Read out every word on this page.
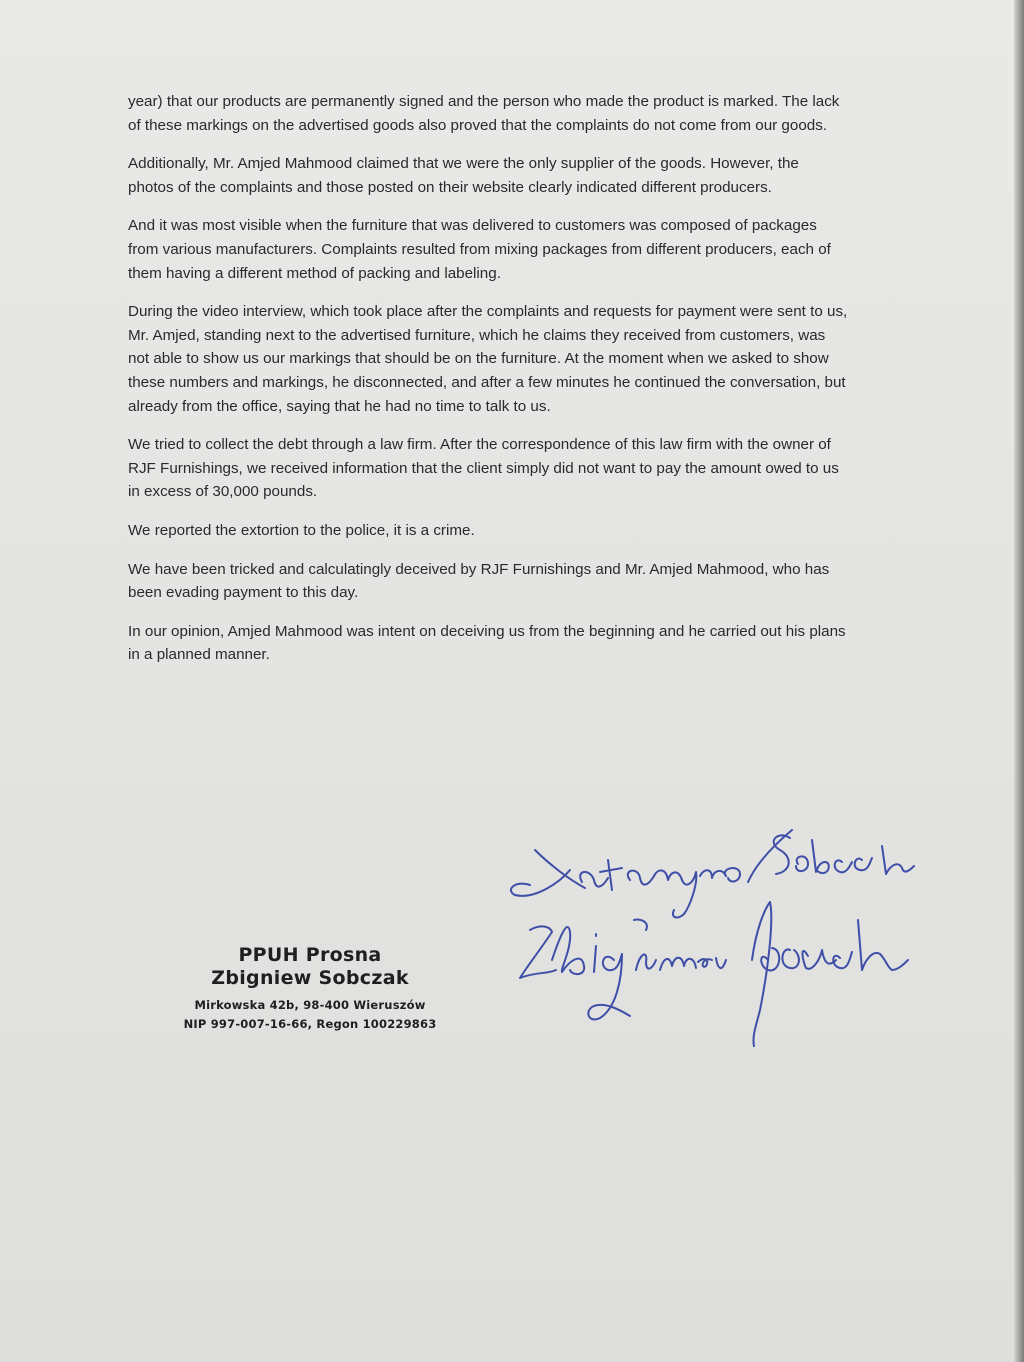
year) that our products are permanently signed and the person who made the product is marked. The lack of these markings on the advertised goods also proved that the complaints do not come from our goods.

Additionally, Mr. Amjed Mahmood claimed that we were the only supplier of the goods. However, the photos of the complaints and those posted on their website clearly indicated different producers.

And it was most visible when the furniture that was delivered to customers was composed of packages from various manufacturers. Complaints resulted from mixing packages from different producers, each of them having a different method of packing and labeling.

During the video interview, which took place after the complaints and requests for payment were sent to us, Mr. Amjed, standing next to the advertised furniture, which he claims they received from customers, was not able to show us our markings that should be on the furniture. At the moment when we asked to show these numbers and markings, he disconnected, and after a few minutes he continued the conversation, but already from the office, saying that he had no time to talk to us.

We tried to collect the debt through a law firm. After the correspondence of this law firm with the owner of RJF Furnishings, we received information that the client simply did not want to pay the amount owed to us in excess of 30,000 pounds.

We reported the extortion to the police, it is a crime.

We have been tricked and calculatingly deceived by RJF Furnishings and Mr. Amjed Mahmood, who has been evading payment to this day.

In our opinion, Amjed Mahmood was intent on deceiving us from the beginning and he carried out his plans in a planned manner.

PPUH Prosna
Zbigniew Sobczak
Mirkowska 42b, 98-400 Wieruszów
NIP 997-007-16-66, Regon 100229863
